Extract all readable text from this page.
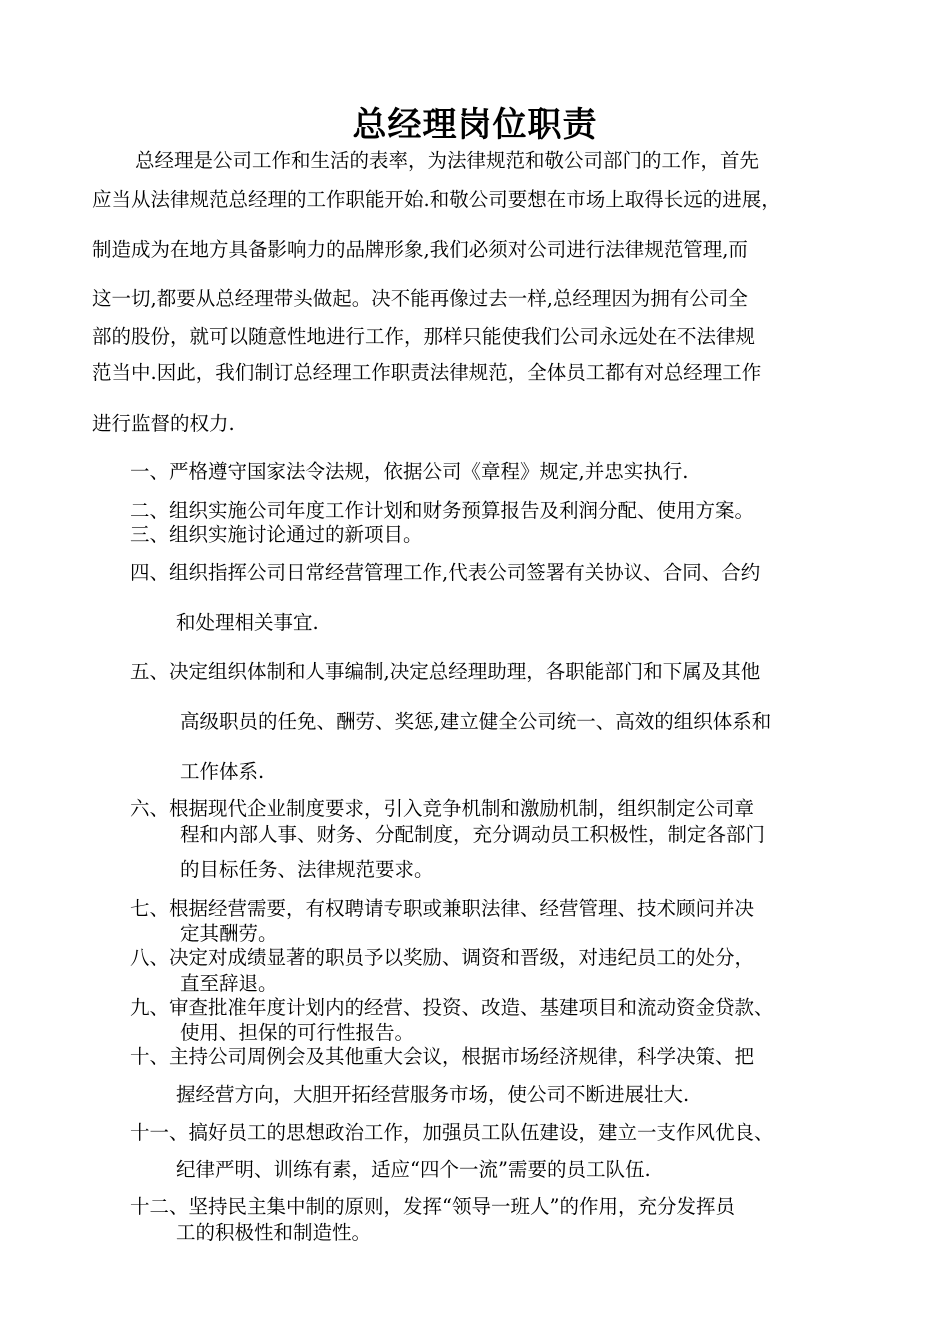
总经理岗位职责
总经理是公司工作和生活的表率，为法律规范和敬公司部门的工作，首先
应当从法律规范总经理的工作职能开始.和敬公司要想在市场上取得长远的进展，
制造成为在地方具备影响力的品牌形象,我们必须对公司进行法律规范管理,而
这一切,都要从总经理带头做起。决不能再像过去一样,总经理因为拥有公司全
部的股份，就可以随意性地进行工作，那样只能使我们公司永远处在不法律规
范当中.因此，我们制订总经理工作职责法律规范，全体员工都有对总经理工作
进行监督的权力.
一、严格遵守国家法令法规，依据公司《章程》规定,并忠实执行.
二、组织实施公司年度工作计划和财务预算报告及利润分配、使用方案。
三、组织实施讨论通过的新项目。
四、组织指挥公司日常经营管理工作,代表公司签署有关协议、合同、合约
和处理相关事宜.
五、决定组织体制和人事编制,决定总经理助理，各职能部门和下属及其他
高级职员的任免、酬劳、奖惩,建立健全公司统一、高效的组织体系和
工作体系.
六、根据现代企业制度要求，引入竞争机制和激励机制，组织制定公司章
程和内部人事、财务、分配制度，充分调动员工积极性，制定各部门
的目标任务、法律规范要求。
七、根据经营需要，有权聘请专职或兼职法律、经营管理、技术顾问并决
定其酬劳。
八、决定对成绩显著的职员予以奖励、调资和晋级，对违纪员工的处分，
直至辞退。
九、审查批准年度计划内的经营、投资、改造、基建项目和流动资金贷款、
使用、担保的可行性报告。
十、主持公司周例会及其他重大会议，根据市场经济规律，科学决策、把
握经营方向，大胆开拓经营服务市场，使公司不断进展壮大.
十一、搞好员工的思想政治工作，加强员工队伍建设，建立一支作风优良、
纪律严明、训练有素，适应“四个一流”需要的员工队伍.
十二、坚持民主集中制的原则，发挥“领导一班人”的作用，充分发挥员
工的积极性和制造性。
